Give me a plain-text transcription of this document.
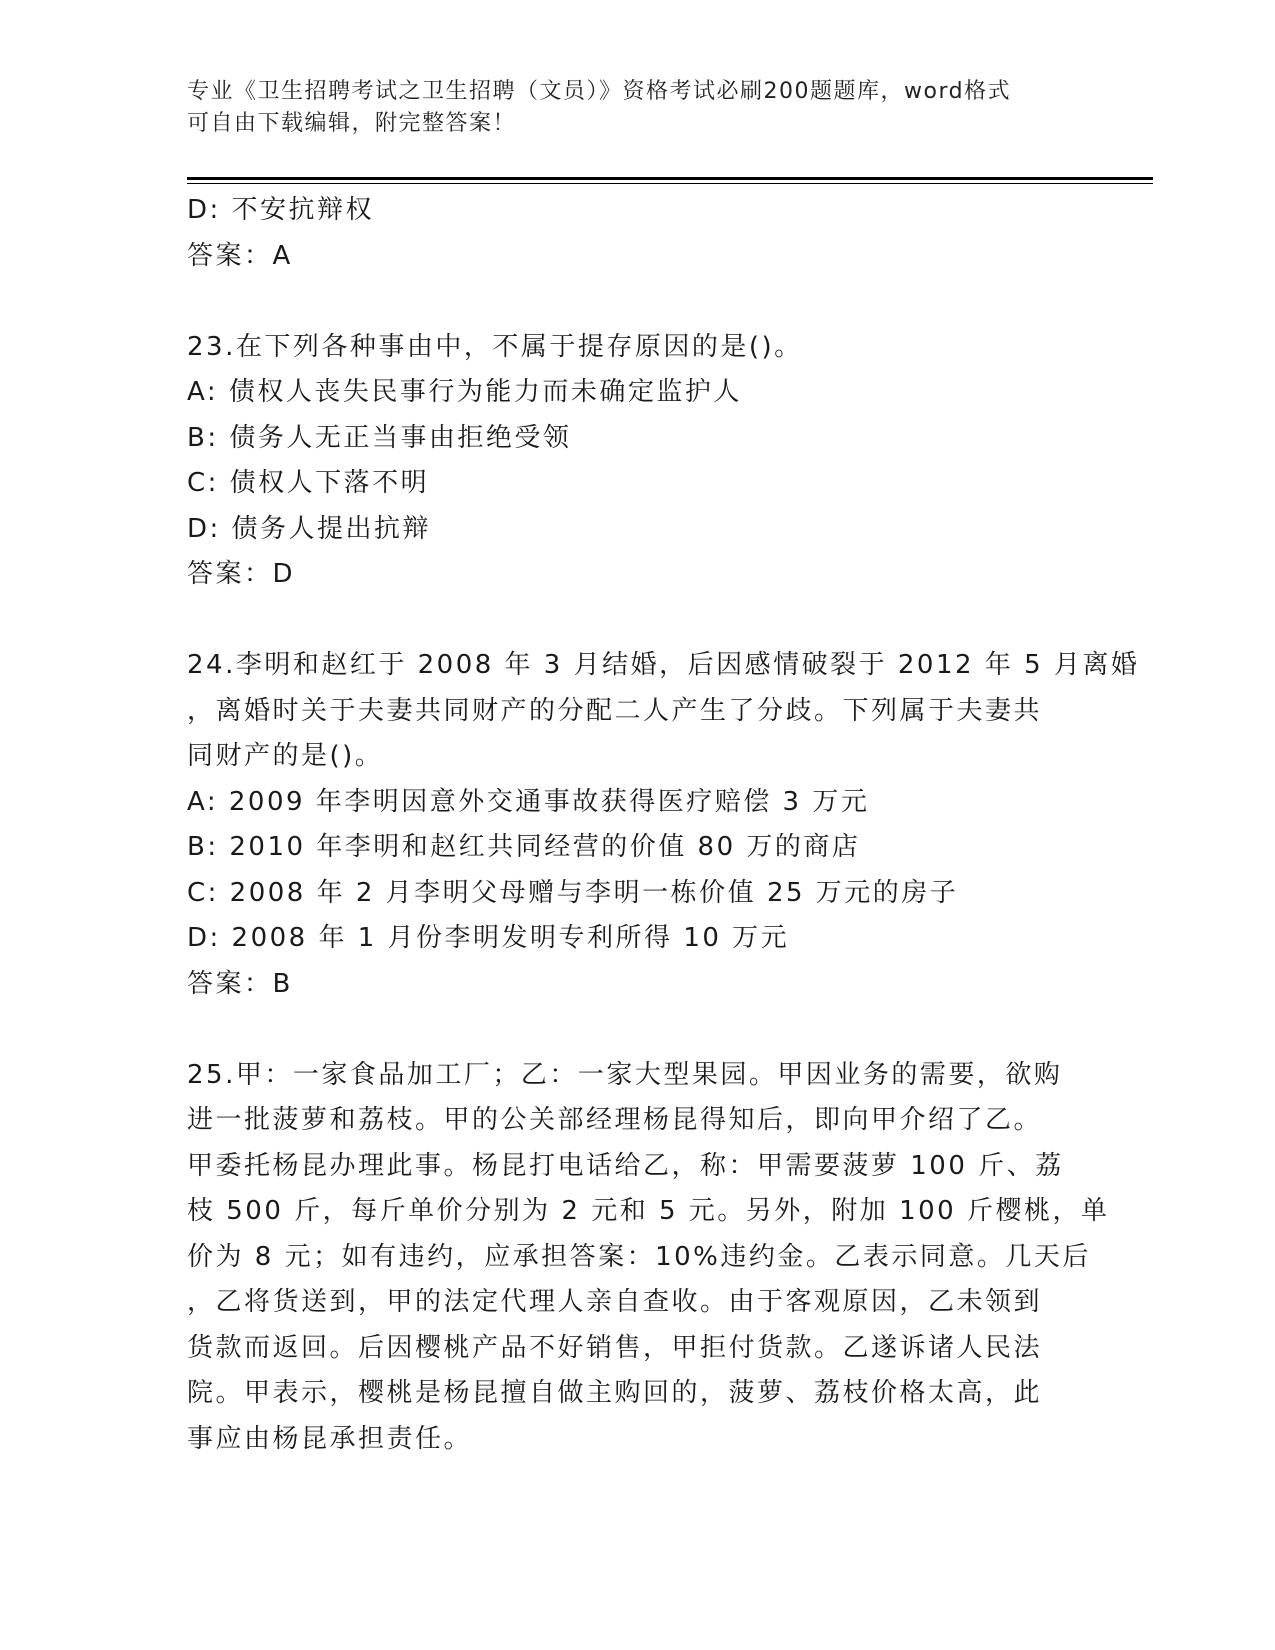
专业《卫生招聘考试之卫生招聘（文员）》资格考试必刷200题题库，word格式
可自由下载编辑，附完整答案！
D: 不安抗辩权
答案：A
23.在下列各种事由中，不属于提存原因的是()。
A: 债权人丧失民事行为能力而未确定监护人
B: 债务人无正当事由拒绝受领
C: 债权人下落不明
D: 债务人提出抗辩
答案：D
24.李明和赵红于 2008 年 3 月结婚，后因感情破裂于 2012 年 5 月离婚
，离婚时关于夫妻共同财产的分配二人产生了分歧。下列属于夫妻共
同财产的是()。
A: 2009 年李明因意外交通事故获得医疗赔偿 3 万元
B: 2010 年李明和赵红共同经营的价值 80 万的商店
C: 2008 年 2 月李明父母赠与李明一栋价值 25 万元的房子
D: 2008 年 1 月份李明发明专利所得 10 万元
答案：B
25.甲：一家食品加工厂；乙：一家大型果园。甲因业务的需要，欲购
进一批菠萝和荔枝。甲的公关部经理杨昆得知后，即向甲介绍了乙。
甲委托杨昆办理此事。杨昆打电话给乙，称：甲需要菠萝 100 斤、荔
枝 500 斤，每斤单价分别为 2 元和 5 元。另外，附加 100 斤樱桃，单
价为 8 元；如有违约，应承担答案：10%违约金。乙表示同意。几天后
，乙将货送到，甲的法定代理人亲自查收。由于客观原因，乙未领到
货款而返回。后因樱桃产品不好销售，甲拒付货款。乙遂诉诸人民法
院。甲表示，樱桃是杨昆擅自做主购回的，菠萝、荔枝价格太高，此
事应由杨昆承担责任。
